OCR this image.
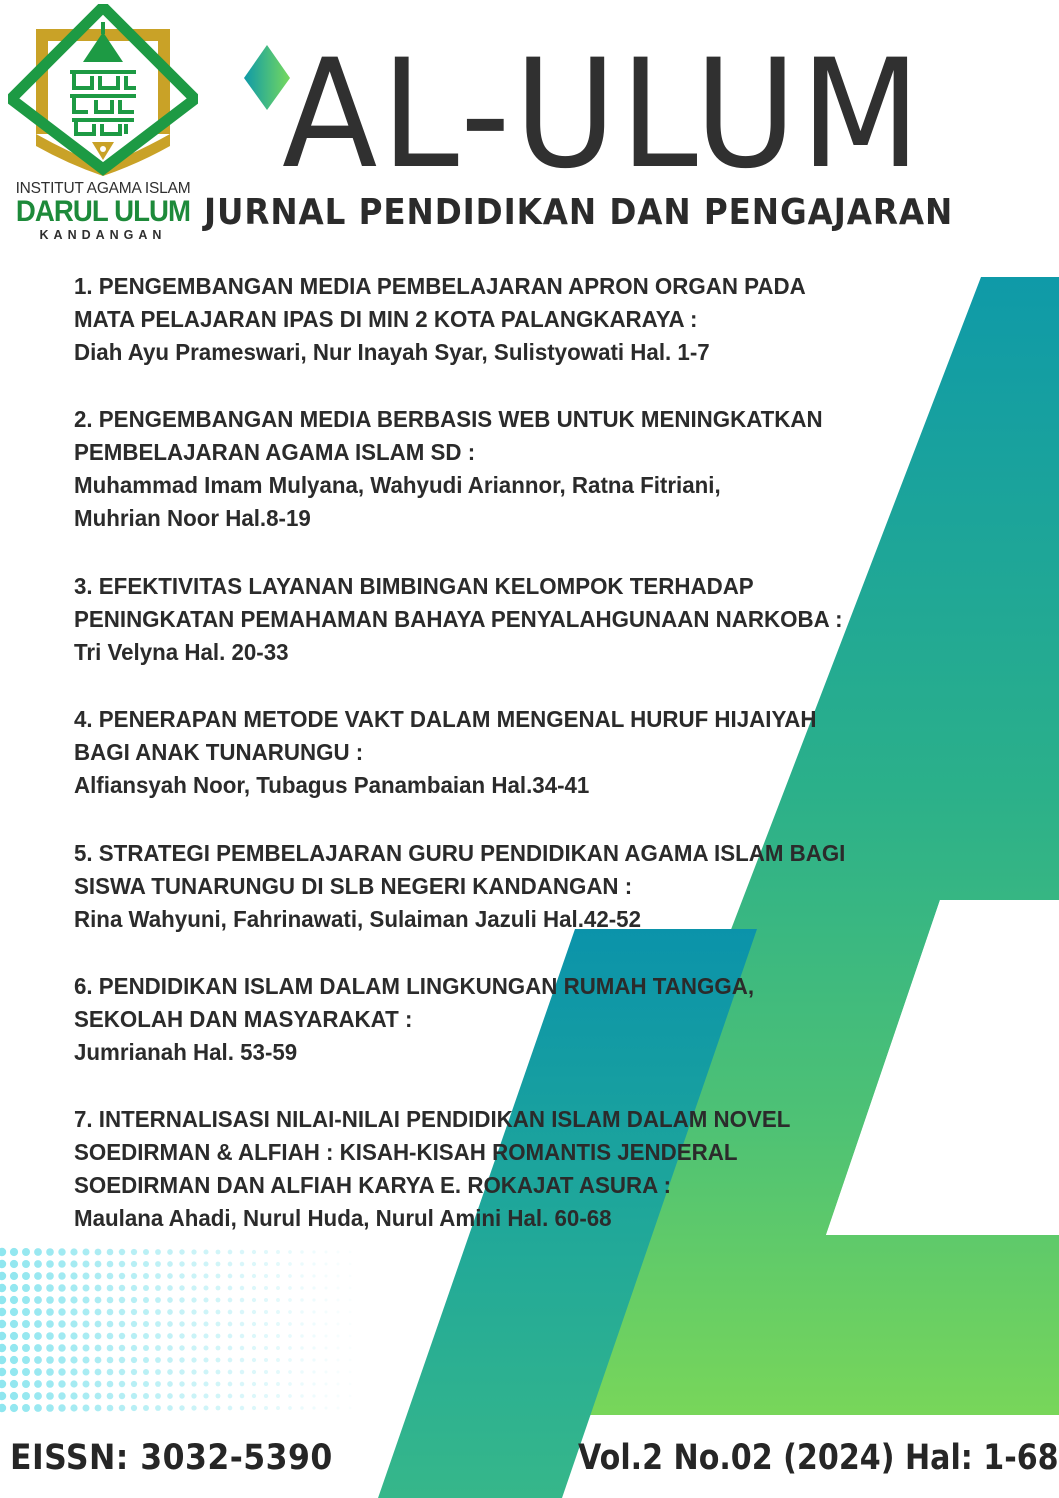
INSTITUT AGAMA ISLAM
DARUL ULUM
KANDANGAN
AL-ULUM
JURNAL PENDIDIKAN DAN PENGAJARAN
1. PENGEMBANGAN MEDIA PEMBELAJARAN APRON ORGAN PADA
MATA PELAJARAN IPAS DI MIN 2 KOTA PALANGKARAYA :
Diah Ayu Prameswari, Nur Inayah Syar, Sulistyowati Hal. 1-7
2. PENGEMBANGAN MEDIA BERBASIS WEB UNTUK MENINGKATKAN
PEMBELAJARAN AGAMA ISLAM SD :
Muhammad Imam Mulyana, Wahyudi Ariannor, Ratna Fitriani,
Muhrian Noor Hal.8-19
3. EFEKTIVITAS LAYANAN BIMBINGAN KELOMPOK TERHADAP
PENINGKATAN PEMAHAMAN BAHAYA PENYALAHGUNAAN NARKOBA :
Tri Velyna Hal. 20-33
4. PENERAPAN METODE VAKT DALAM MENGENAL HURUF HIJAIYAH
BAGI ANAK TUNARUNGU :
Alfiansyah Noor, Tubagus Panambaian Hal.34-41
5. STRATEGI PEMBELAJARAN GURU PENDIDIKAN AGAMA ISLAM BAGI
SISWA TUNARUNGU DI SLB NEGERI KANDANGAN :
Rina Wahyuni, Fahrinawati, Sulaiman Jazuli Hal.42-52
6. PENDIDIKAN ISLAM DALAM LINGKUNGAN RUMAH TANGGA,
SEKOLAH DAN MASYARAKAT :
Jumrianah Hal. 53-59
7. INTERNALISASI NILAI-NILAI PENDIDIKAN ISLAM DALAM NOVEL
SOEDIRMAN & ALFIAH : KISAH-KISAH ROMANTIS JENDERAL
SOEDIRMAN DAN ALFIAH KARYA E. ROKAJAT ASURA :
Maulana Ahadi, Nurul Huda, Nurul Amini Hal. 60-68
EISSN: 3032-5390	Vol.2 No.02 (2024) Hal: 1-68
